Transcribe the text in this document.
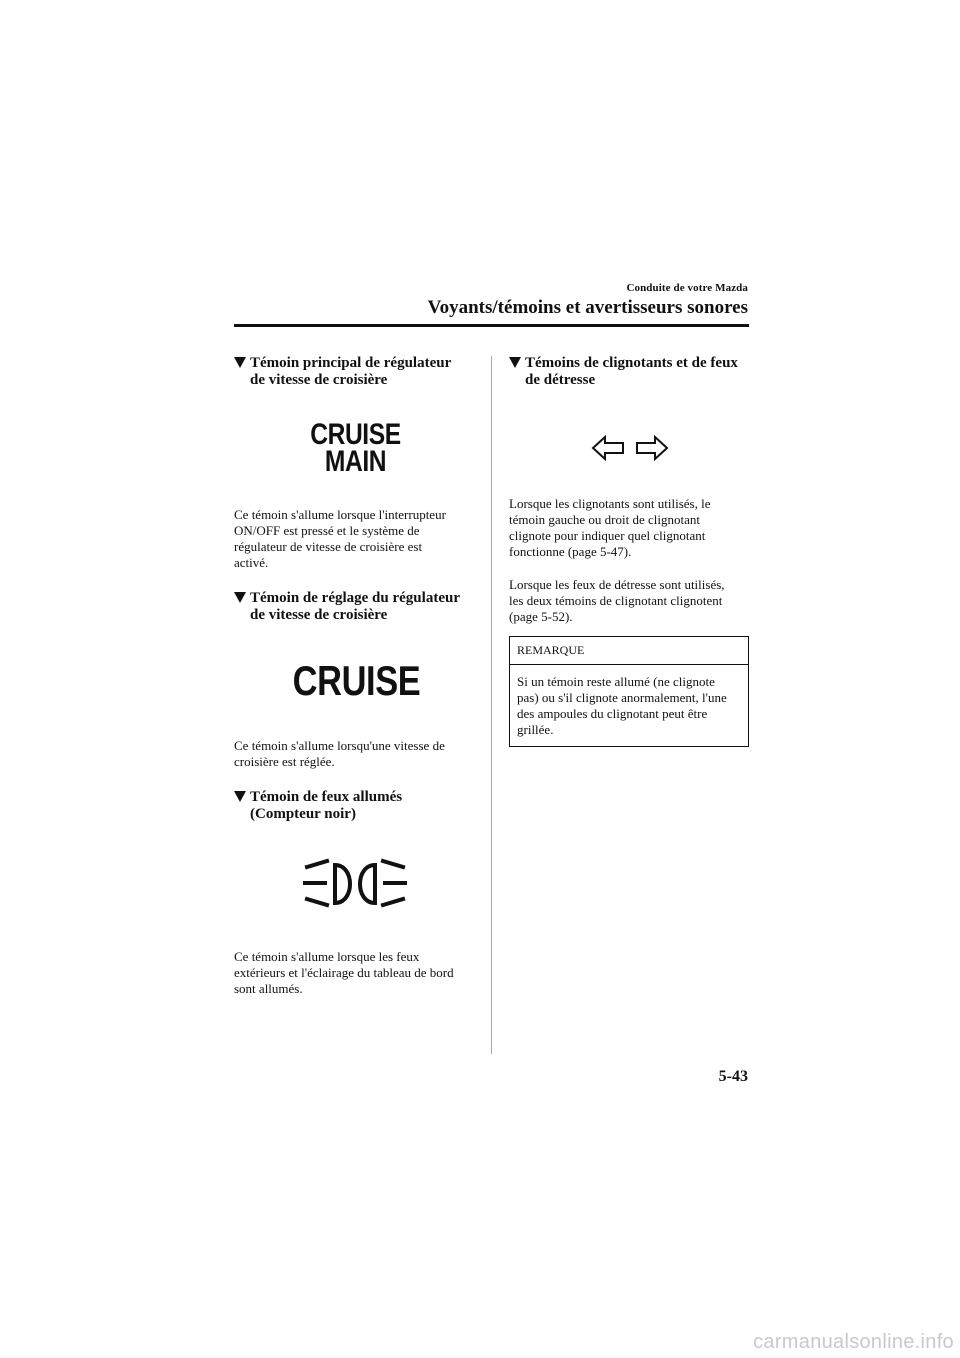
Conduite de votre Mazda
Voyants/témoins et avertisseurs sonores
Témoin principal de régulateur
de vitesse de croisière
CRUISE
MAIN

Ce témoin s'allume lorsque l'interrupteur
ON/OFF est pressé et le système de
régulateur de vitesse de croisière est
activé.

Témoin de réglage du régulateur
de vitesse de croisière
CRUISE

Ce témoin s'allume lorsqu'une vitesse de
croisière est réglée.

Témoin de feux allumés
(Compteur noir)

Ce témoin s'allume lorsque les feux
extérieurs et l'éclairage du tableau de bord
sont allumés.

Témoins de clignotants et de feux
de détresse

Lorsque les clignotants sont utilisés, le
témoin gauche ou droit de clignotant
clignote pour indiquer quel clignotant
fonctionne (page 5-47).

Lorsque les feux de détresse sont utilisés,
les deux témoins de clignotant clignotent
(page 5-52).

REMARQUE
Si un témoin reste allumé (ne clignote
pas) ou s'il clignote anormalement, l'une
des ampoules du clignotant peut être
grillée.
5-43
carmanualsonline.info
